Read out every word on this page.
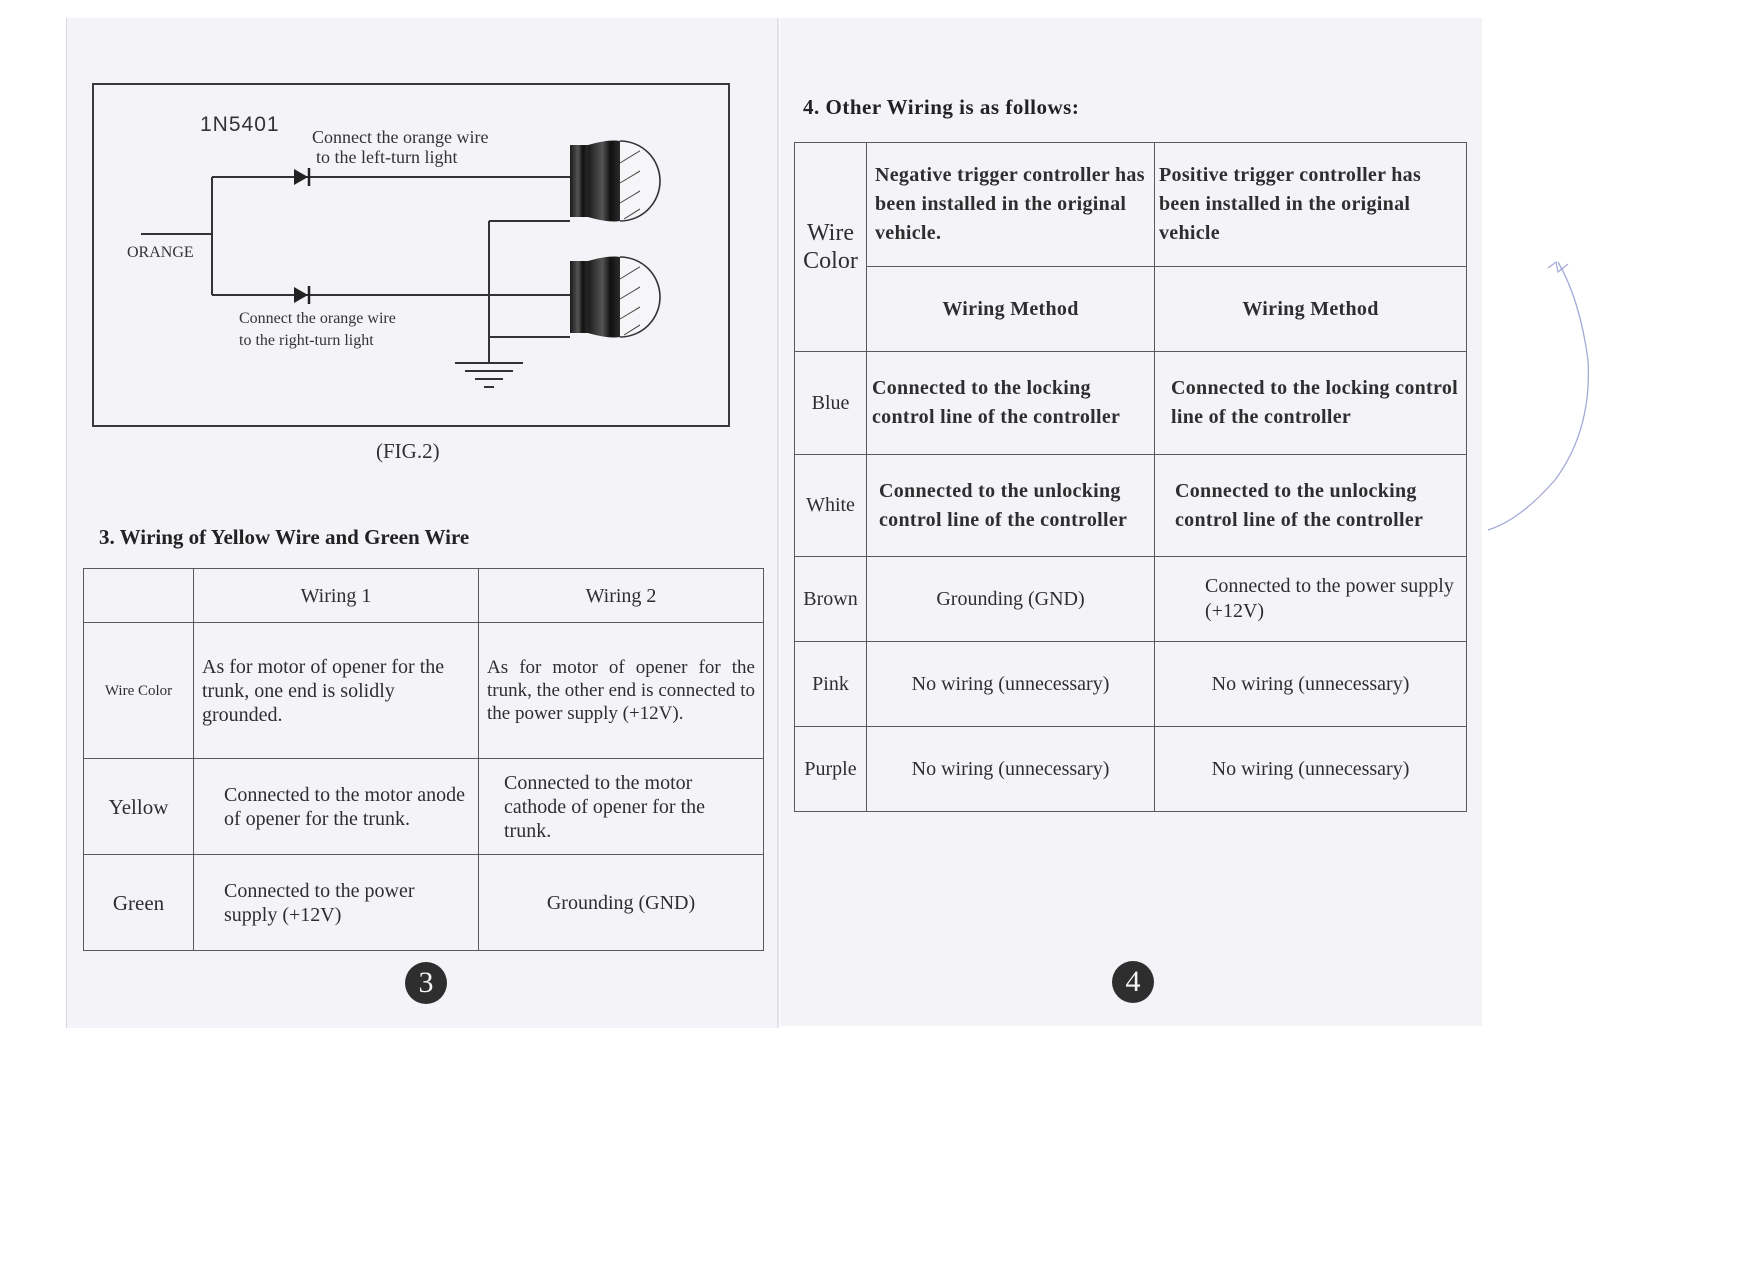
1N5401
Connect the orange wire
to the left-turn light
ORANGE
Connect the orange wire
to the right-turn light
(FIG.2)
3. Wiring of Yellow Wire and Green Wire
	Wiring 1	Wiring 2
Wire Color	As for motor of opener for the trunk, one end is solidly grounded.	As for motor of opener for the trunk, the other end is connected to the power supply (+12V).
Yellow	Connected to the motor anode of opener for the trunk.	Connected to the motor cathode of opener for the trunk.
Green	Connected to the power supply (+12V)	Grounding (GND)
3
4. Other Wiring is as follows:
Wire Color	Negative trigger controller has been installed in the original vehicle.	Positive trigger controller has been installed in the original vehicle
	Wiring Method	Wiring Method
Blue	Connected to the locking control line of the controller	Connected to the locking control line of the controller
White	Connected to the unlocking control line of the controller	Connected to the unlocking control line of the controller
Brown	Grounding (GND)	Connected to the power supply (+12V)
Pink	No wiring (unnecessary)	No wiring (unnecessary)
Purple	No wiring (unnecessary)	No wiring (unnecessary)
4
